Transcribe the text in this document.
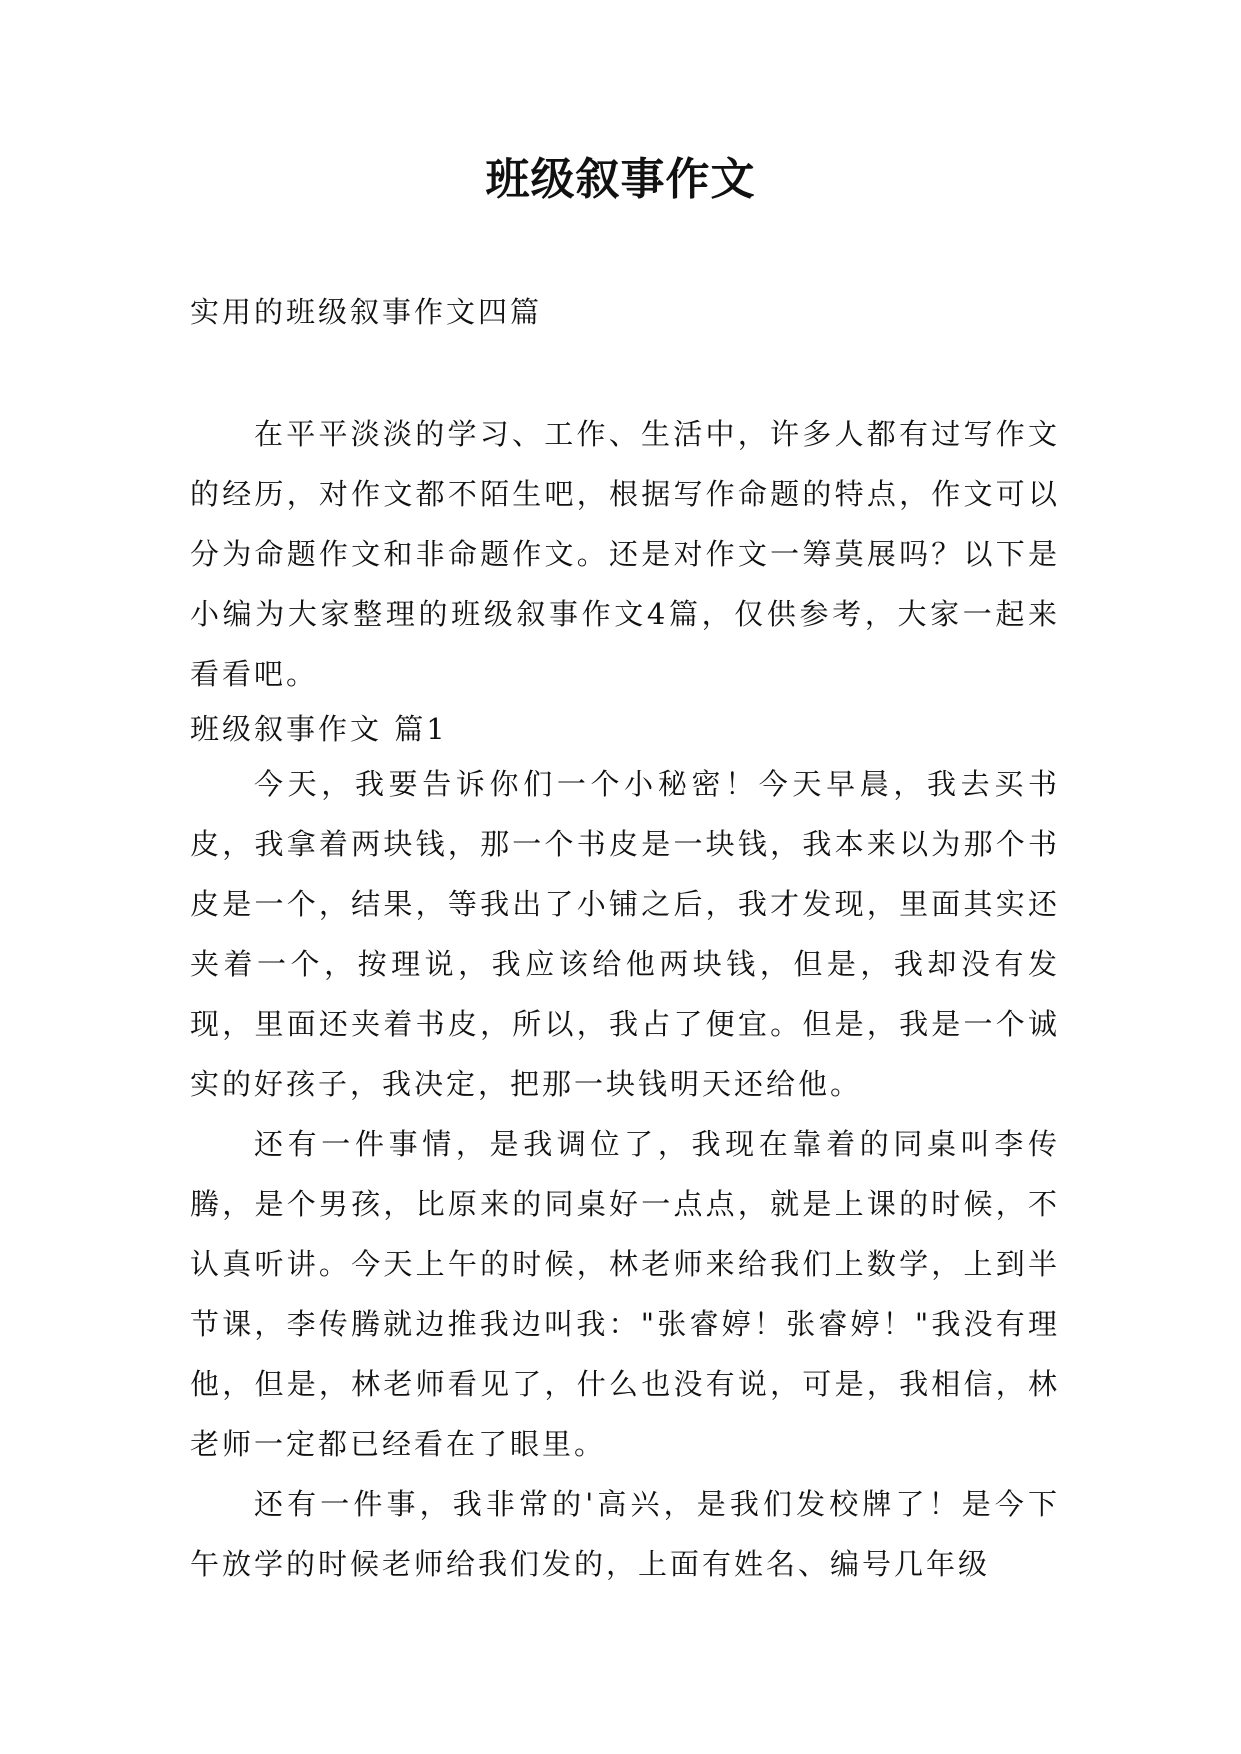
班级叙事作文
实用的班级叙事作文四篇

在平平淡淡的学习、工作、生活中，许多人都有过写作文的经历，对作文都不陌生吧，根据写作命题的特点，作文可以分为命题作文和非命题作文。还是对作文一筹莫展吗？以下是小编为大家整理的班级叙事作文4篇，仅供参考，大家一起来看看吧。

班级叙事作文 篇1

今天，我要告诉你们一个小秘密！今天早晨，我去买书皮，我拿着两块钱，那一个书皮是一块钱，我本来以为那个书皮是一个，结果，等我出了小铺之后，我才发现，里面其实还夹着一个，按理说，我应该给他两块钱，但是，我却没有发现，里面还夹着书皮，所以，我占了便宜。但是，我是一个诚实的好孩子，我决定，把那一块钱明天还给他。

还有一件事情，是我调位了，我现在靠着的同桌叫李传腾，是个男孩，比原来的同桌好一点点，就是上课的时候，不认真听讲。今天上午的时候，林老师来给我们上数学，上到半节课，李传腾就边推我边叫我："张睿婷！张睿婷！"我没有理他，但是，林老师看见了，什么也没有说，可是，我相信，林老师一定都已经看在了眼里。

还有一件事，我非常的'高兴，是我们发校牌了！是今下午放学的时候老师给我们发的，上面有姓名、编号几年级
